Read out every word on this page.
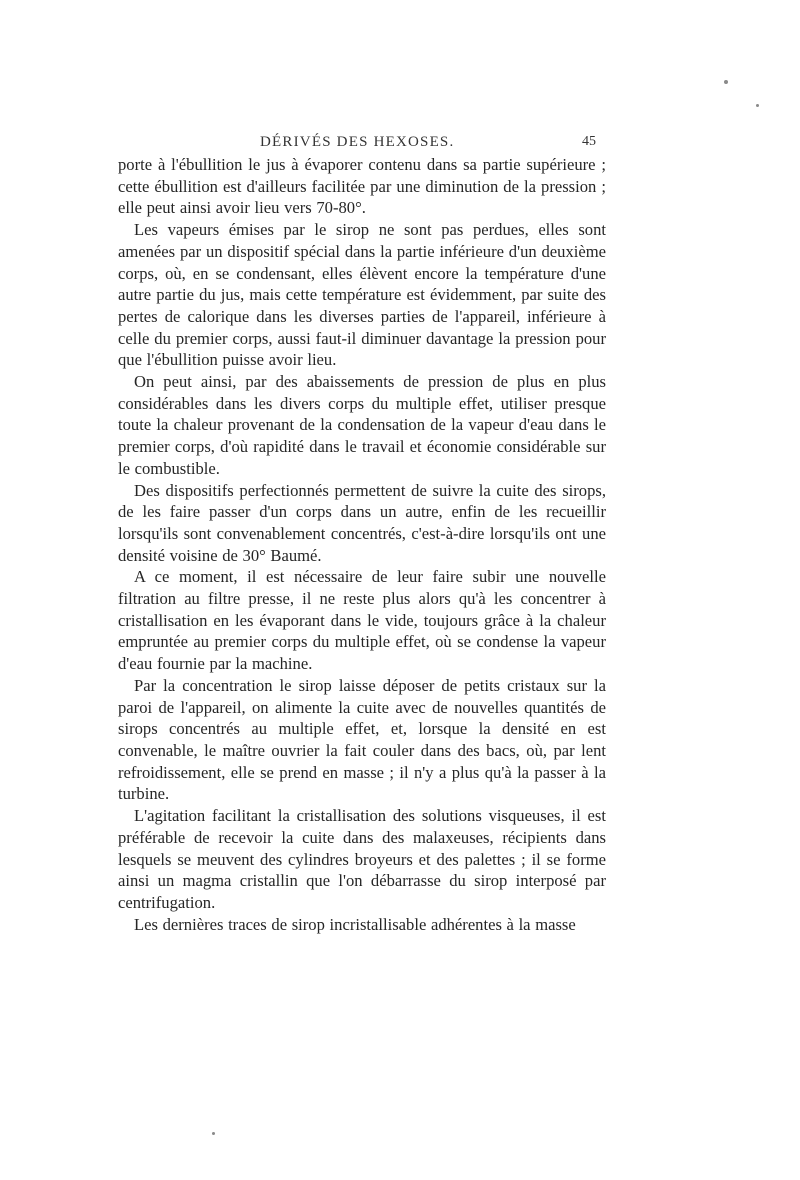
DÉRIVÉS DES HEXOSES.	45

porte à l'ébullition le jus à évaporer contenu dans sa partie supérieure ; cette ébullition est d'ailleurs facilitée par une diminution de la pression ; elle peut ainsi avoir lieu vers 70-80°.

Les vapeurs émises par le sirop ne sont pas perdues, elles sont amenées par un dispositif spécial dans la partie inférieure d'un deuxième corps, où, en se condensant, elles élèvent encore la température d'une autre partie du jus, mais cette température est évidemment, par suite des pertes de calorique dans les diverses parties de l'appareil, inférieure à celle du premier corps, aussi faut-il diminuer davantage la pression pour que l'ébullition puisse avoir lieu.

On peut ainsi, par des abaissements de pression de plus en plus considérables dans les divers corps du multiple effet, utiliser presque toute la chaleur provenant de la condensation de la vapeur d'eau dans le premier corps, d'où rapidité dans le travail et économie considérable sur le combustible.

Des dispositifs perfectionnés permettent de suivre la cuite des sirops, de les faire passer d'un corps dans un autre, enfin de les recueillir lorsqu'ils sont convenablement concentrés, c'est-à-dire lorsqu'ils ont une densité voisine de 30° Baumé.

A ce moment, il est nécessaire de leur faire subir une nouvelle filtration au filtre presse, il ne reste plus alors qu'à les concentrer à cristallisation en les évaporant dans le vide, toujours grâce à la chaleur empruntée au premier corps du multiple effet, où se condense la vapeur d'eau fournie par la machine.

Par la concentration le sirop laisse déposer de petits cristaux sur la paroi de l'appareil, on alimente la cuite avec de nouvelles quantités de sirops concentrés au multiple effet, et, lorsque la densité en est convenable, le maître ouvrier la fait couler dans des bacs, où, par lent refroidissement, elle se prend en masse ; il n'y a plus qu'à la passer à la turbine.

L'agitation facilitant la cristallisation des solutions visqueuses, il est préférable de recevoir la cuite dans des malaxeuses, récipients dans lesquels se meuvent des cylindres broyeurs et des palettes ; il se forme ainsi un magma cristallin que l'on débarrasse du sirop interposé par centrifugation.

Les dernières traces de sirop incristallisable adhérentes à la masse
